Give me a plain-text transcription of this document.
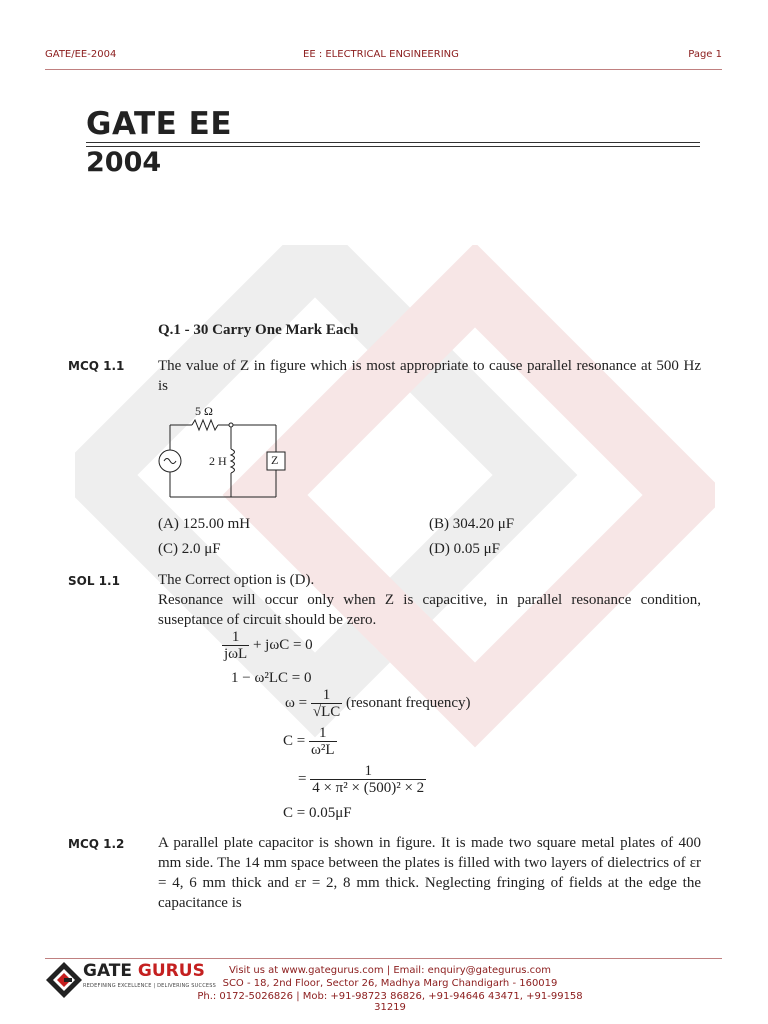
GATE/EE-2004	EE : ELECTRICAL ENGINEERING	Page 1
GATE EE
2004
Q.1 - 30 Carry One Mark Each
MCQ 1.1 The value of Z in figure which is most appropriate to cause parallel resonance at 500 Hz is
5 Ω
2 H	Z
(A) 125.00 mH	(B) 304.20 μF
(C) 2.0 μF	(D) 0.05 μF
SOL 1.1	The Correct option is (D).
Resonance will occur only when Z is capacitive, in parallel resonance condition, suseptance of circuit should be zero.
$\frac{1}{\text{jωL}} + j\omega C = 0$
1 − ω²LC = 0
$\omega = \frac{1}{√LC}$ (resonant frequency)
$C = \frac{1}{\text{ω²L}}$
= $\frac{1}{\text{4 × π² × (500)² × 2}}$
C = 0.05μF
MCQ 1.2 A parallel plate capacitor is shown in figure. It is made two square metal plates of 400 mm side. The 14 mm space between the plates is filled with two layers of dielectrics of εr = 4, 6 mm thick and εr = 2, 8 mm thick. Neglecting fringing of fields at the edge the capacitance is
GATE GURUS
REDEFINING EXCELLENCE | DELIVERING SUCCESS
Visit us at www.gategurus.com | Email: enquiry@gategurus.com
SCO - 18, 2nd Floor, Sector 26, Madhya Marg Chandigarh - 160019
Ph.: 0172-5026826 | Mob: +91-98723 86826, +91-94646 43471, +91-99158 31219
